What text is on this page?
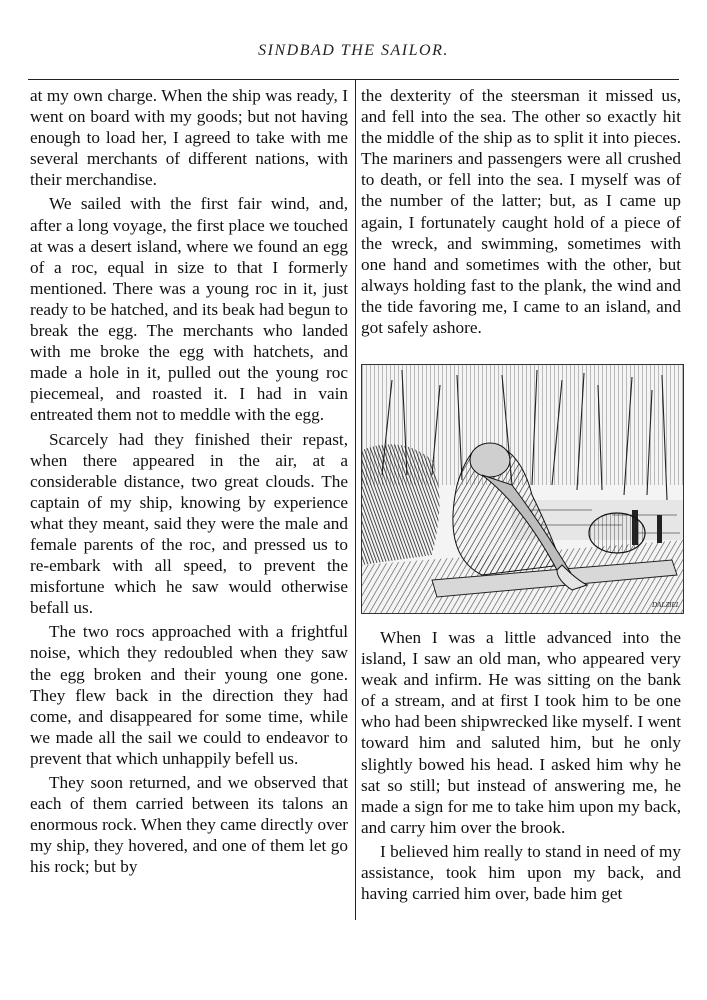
SINDBAD THE SAILOR.

at my own charge. When the ship was ready, I went on board with my goods; but not having enough to load her, I agreed to take with me several merchants of different nations, with their merchandise.

We sailed with the first fair wind, and, after a long voyage, the first place we touched at was a desert island, where we found an egg of a roc, equal in size to that I formerly mentioned. There was a young roc in it, just ready to be hatched, and its beak had begun to break the egg. The merchants who landed with me broke the egg with hatchets, and made a hole in it, pulled out the young roc piecemeal, and roasted it. I had in vain entreated them not to meddle with the egg.

Scarcely had they finished their repast, when there appeared in the air, at a considerable distance, two great clouds. The captain of my ship, knowing by experience what they meant, said they were the male and female parents of the roc, and pressed us to re-embark with all speed, to prevent the misfortune which he saw would otherwise befall us.

The two rocs approached with a frightful noise, which they redoubled when they saw the egg broken and their young one gone. They flew back in the direction they had come, and disappeared for some time, while we made all the sail we could to endeavor to prevent that which unhappily befell us.

They soon returned, and we observed that each of them carried between its talons an enormous rock. When they came directly over my ship, they hovered, and one of them let go his rock; but by

the dexterity of the steersman it missed us, and fell into the sea. The other so exactly hit the middle of the ship as to split it into pieces. The mariners and passengers were all crushed to death, or fell into the sea. I myself was of the number of the latter; but, as I came up again, I fortunately caught hold of a piece of the wreck, and swimming, sometimes with one hand and sometimes with the other, but always holding fast to the plank, the wind and the tide favoring me, I came to an island, and got safely ashore.

DALZIEL

When I was a little advanced into the island, I saw an old man, who appeared very weak and infirm. He was sitting on the bank of a stream, and at first I took him to be one who had been shipwrecked like myself. I went toward him and saluted him, but he only slightly bowed his head. I asked him why he sat so still; but instead of answering me, he made a sign for me to take him upon my back, and carry him over the brook.

I believed him really to stand in need of my assistance, took him upon my back, and having carried him over, bade him get
